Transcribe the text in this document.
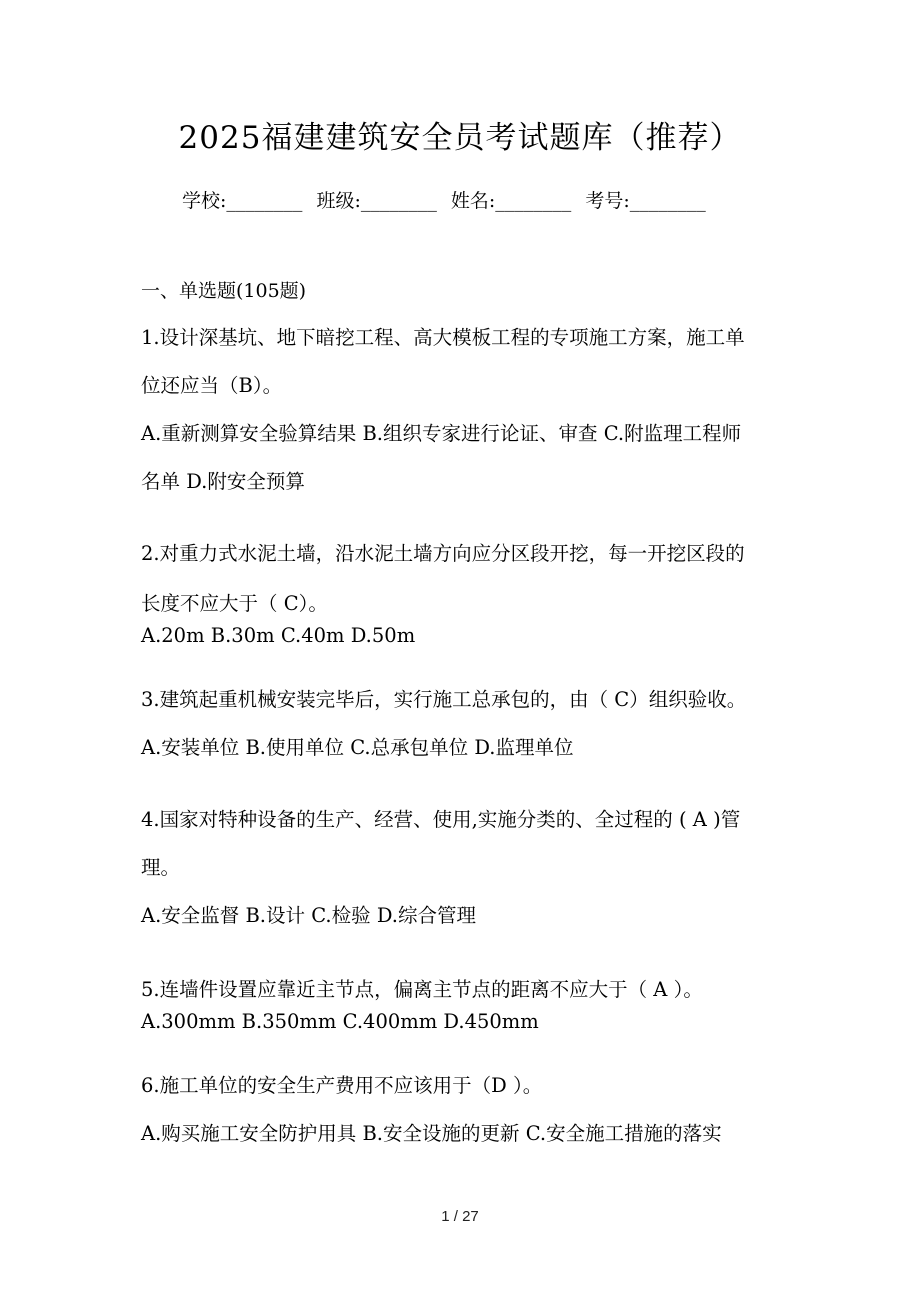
2025福建建筑安全员考试题库（推荐）
学校:________ 班级:________ 姓名:________ 考号:________
一、单选题(105题)
1.设计深基坑、地下暗挖工程、高大模板工程的专项施工方案，施工单
位还应当（B）。
A.重新测算安全验算结果 B.组织专家进行论证、审查 C.附监理工程师
名单 D.附安全预算
2.对重力式水泥土墙，沿水泥土墙方向应分区段开挖，每一开挖区段的
长度不应大于（ C）。
A.20m B.30m C.40m D.50m
3.建筑起重机械安装完毕后，实行施工总承包的，由（ C）组织验收。
A.安装单位 B.使用单位 C.总承包单位 D.监理单位
4.国家对特种设备的生产、经营、使用,实施分类的、全过程的 ( A )管
理。
A.安全监督 B.设计 C.检验 D.综合管理
5.连墙件设置应靠近主节点，偏离主节点的距离不应大于（ A ）。
A.300mm B.350mm C.400mm D.450mm
6.施工单位的安全生产费用不应该用于（D ）。
A.购买施工安全防护用具 B.安全设施的更新 C.安全施工措施的落实
1 / 27
